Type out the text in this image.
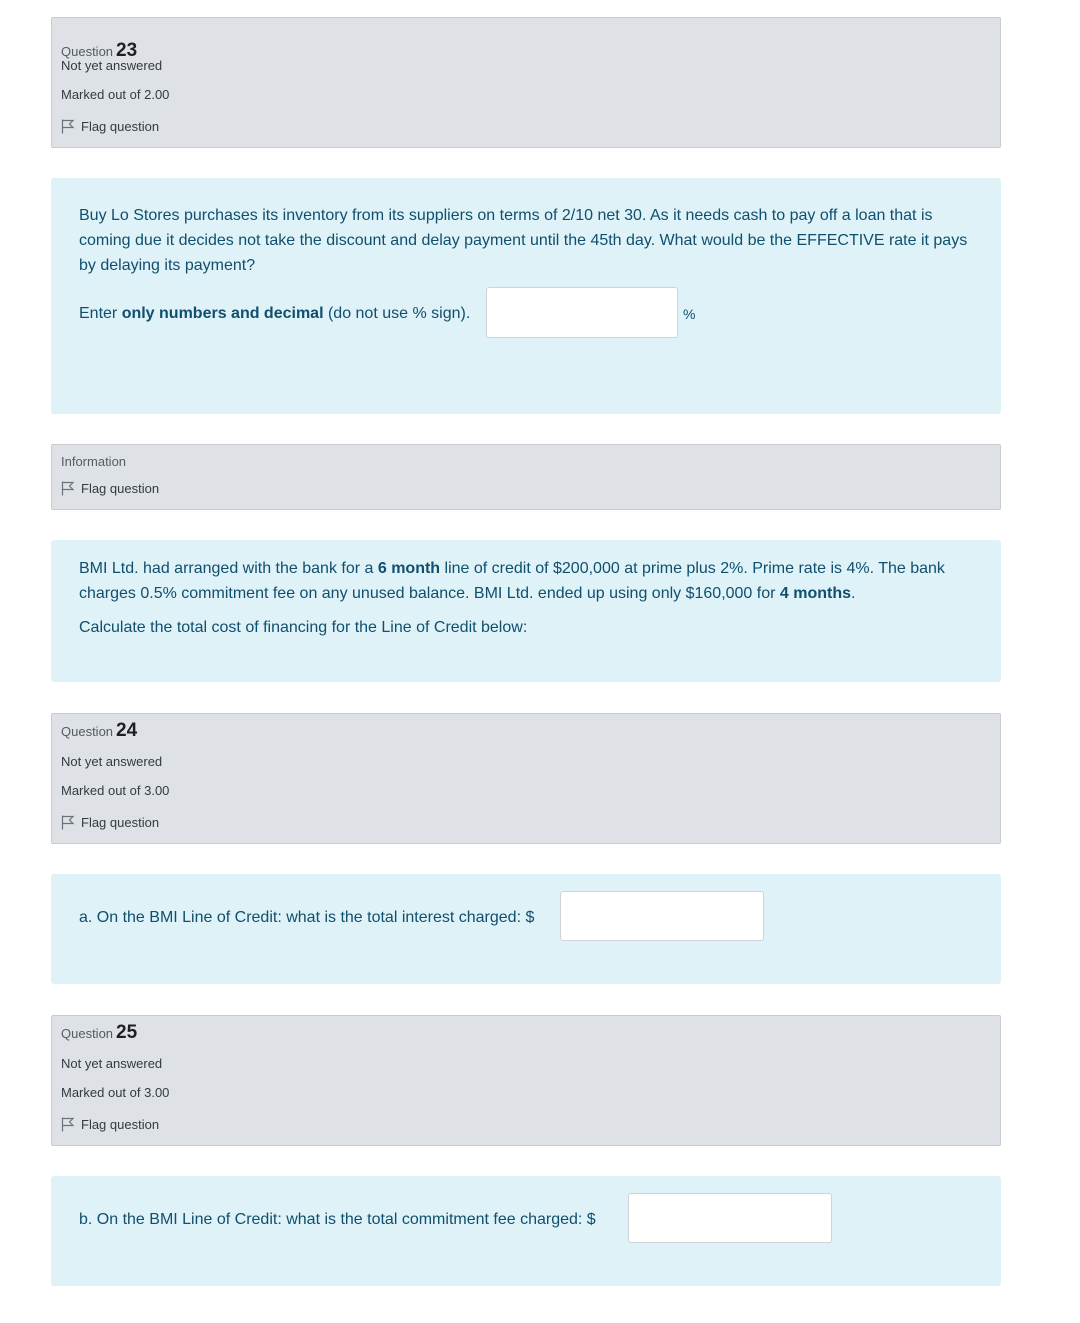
Question 23
Not yet answered
Marked out of 2.00
Flag question
Buy Lo Stores purchases its inventory from its suppliers on terms of 2/10 net 30. As it needs cash to pay off a loan that is coming due it decides not take the discount and delay payment until the 45th day. What would be the EFFECTIVE rate it pays by delaying its payment?
Enter only numbers and decimal (do not use % sign).	%
Information
Flag question
BMI Ltd. had arranged with the bank for a 6 month line of credit of $200,000 at prime plus 2%. Prime rate is 4%. The bank charges 0.5% commitment fee on any unused balance. BMI Ltd. ended up using only $160,000 for 4 months.
Calculate the total cost of financing for the Line of Credit below:
Question 24
Not yet answered
Marked out of 3.00
Flag question
a. On the BMI Line of Credit: what is the total interest charged: $
Question 25
Not yet answered
Marked out of 3.00
Flag question
b. On the BMI Line of Credit: what is the total commitment fee charged: $
